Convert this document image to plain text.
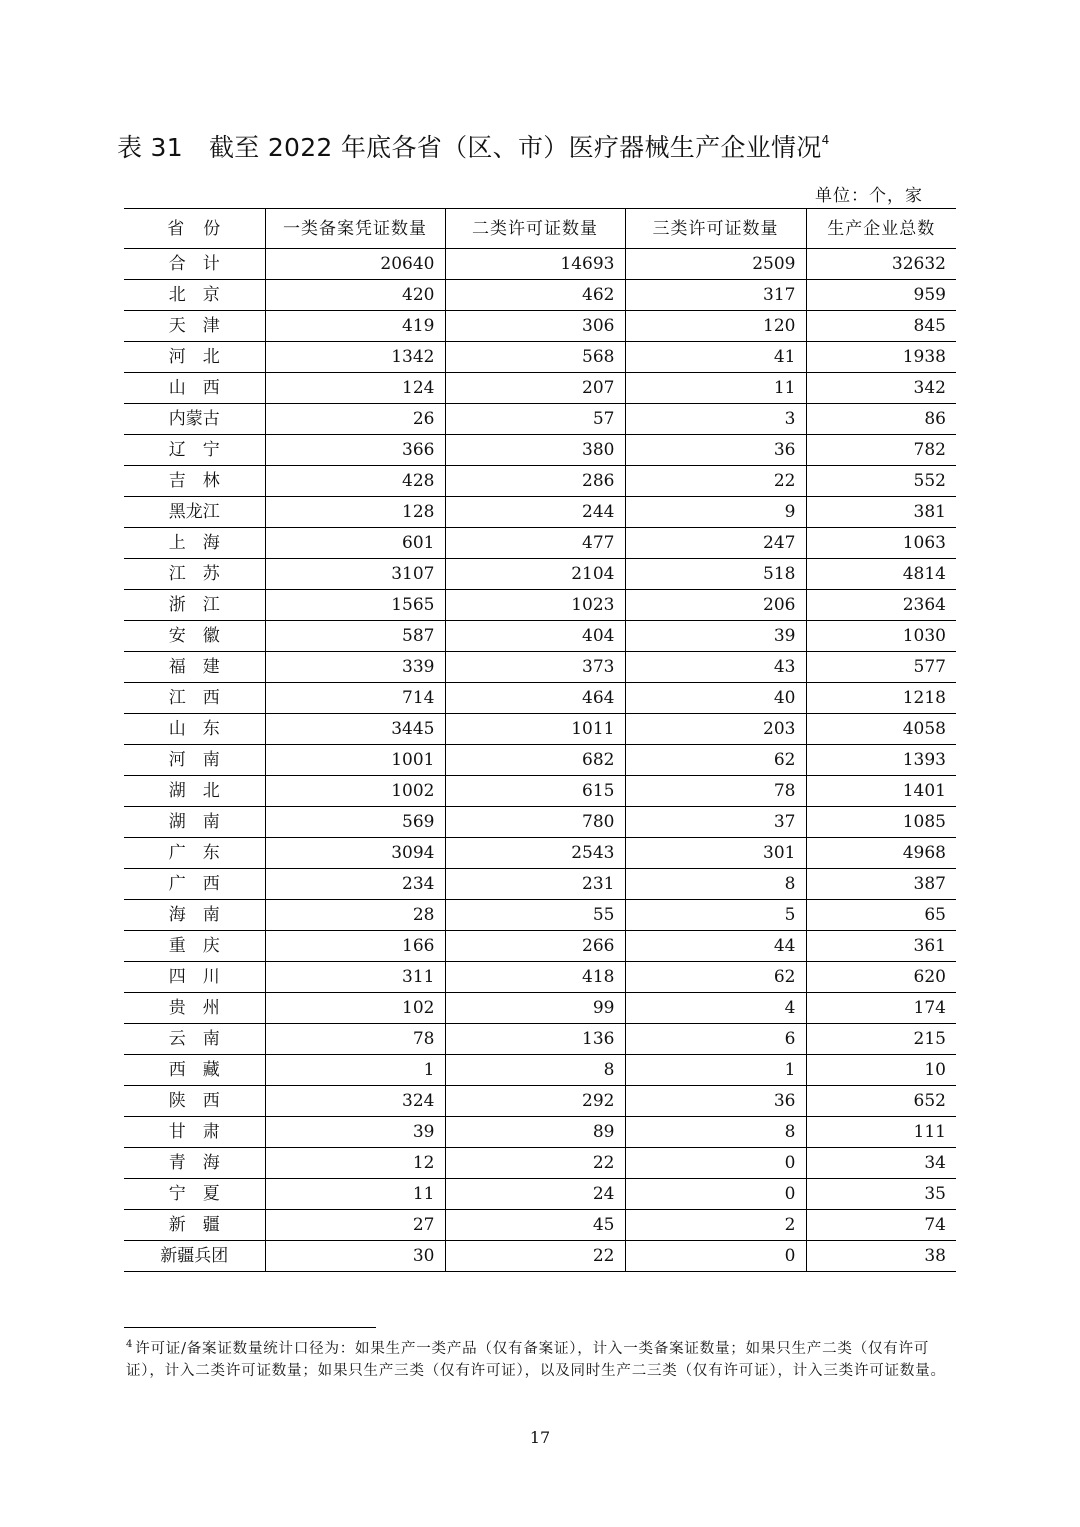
表 31 截至 2022 年底各省（区、市）医疗器械生产企业情况$^4$
单位：个，家
省　份	一类备案凭证数量	二类许可证数量	三类许可证数量	生产企业总数
合　计	20640	14693	2509	32632
北　京	420	462	317	959
天　津	419	306	120	845
河　北	1342	568	41	1938
山　西	124	207	11	342
内蒙古	26	57	3	86
辽　宁	366	380	36	782
吉　林	428	286	22	552
黑龙江	128	244	9	381
上　海	601	477	247	1063
江　苏	3107	2104	518	4814
浙　江	1565	1023	206	2364
安　徽	587	404	39	1030
福　建	339	373	43	577
江　西	714	464	40	1218
山　东	3445	1011	203	4058
河　南	1001	682	62	1393
湖　北	1002	615	78	1401
湖　南	569	780	37	1085
广　东	3094	2543	301	4968
广　西	234	231	8	387
海　南	28	55	5	65
重　庆	166	266	44	361
四　川	311	418	62	620
贵　州	102	99	4	174
云　南	78	136	6	215
西　藏	1	8	1	10
陕　西	324	292	36	652
甘　肃	39	89	8	111
青　海	12	22	0	34
宁　夏	11	24	0	35
新　疆	27	45	2	74
新疆兵团	30	22	0	38
$^4$ 许可证/备案证数量统计口径为：如果生产一类产品（仅有备案证），计入一类备案证数量；如果只生产二类（仅有许可证），计入二类许可证数量；如果只生产三类（仅有许可证），以及同时生产二三类（仅有许可证），计入三类许可证数量。
17
